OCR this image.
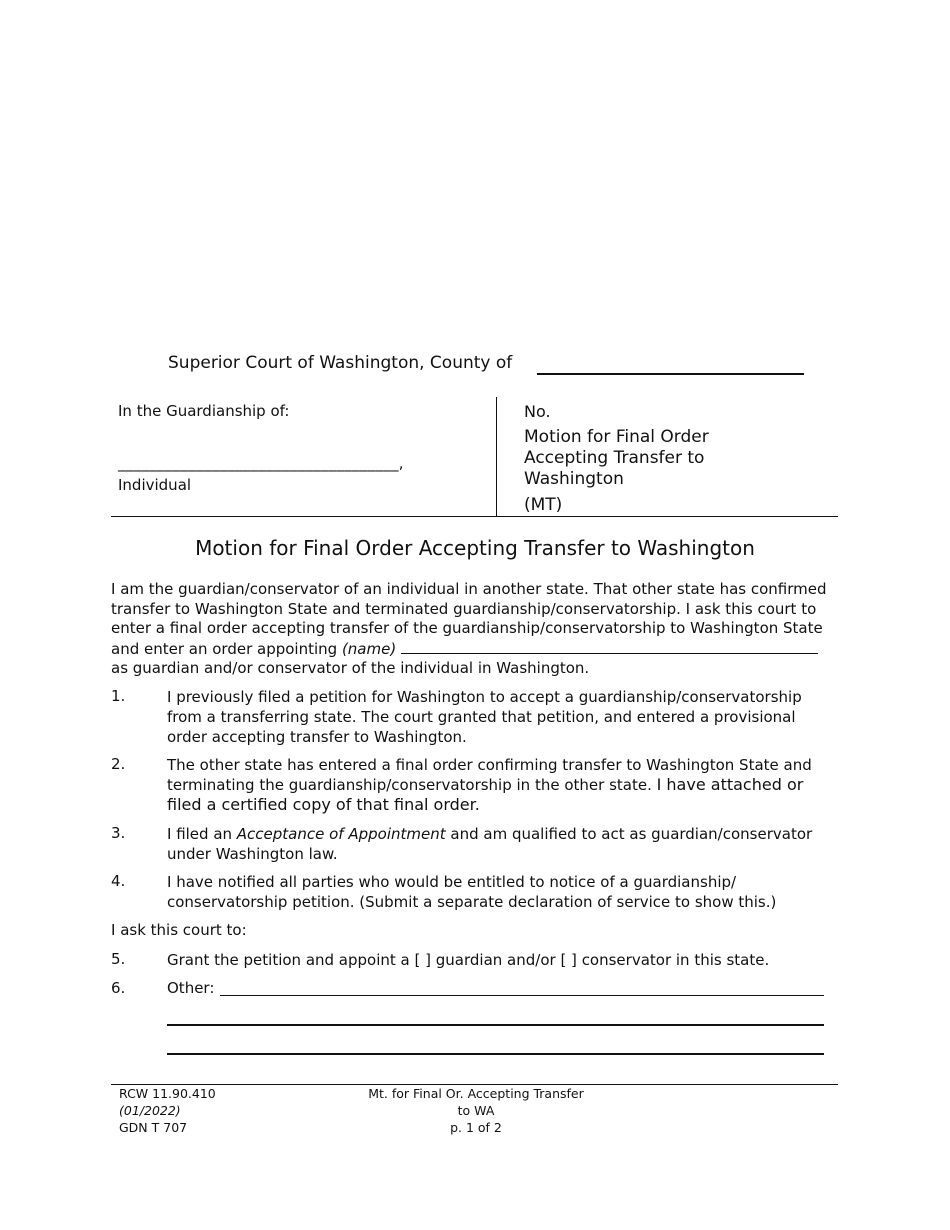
Superior Court of Washington, County of
In the Guardianship of:
____________________________________,
Individual
No.
Motion for Final Order Accepting Transfer to Washington
(MT)
Motion for Final Order Accepting Transfer to Washington
I am the guardian/conservator of an individual in another state. That other state has confirmed
transfer to Washington State and terminated guardianship/conservatorship. I ask this court to
enter a final order accepting transfer of the guardianship/conservatorship to Washington State
and enter an order appointing (name)
as guardian and/or conservator of the individual in Washington.
1.	I previously filed a petition for Washington to accept a guardianship/conservatorship from a transferring state. The court granted that petition, and entered a provisional order accepting transfer to Washington.
2.	The other state has entered a final order confirming transfer to Washington State and terminating the guardianship/conservatorship in the other state. I have attached or filed a certified copy of that final order.
3.	I filed an Acceptance of Appointment and am qualified to act as guardian/conservator under Washington law.
4.	I have notified all parties who would be entitled to notice of a guardianship/ conservatorship petition. (Submit a separate declaration of service to show this.)
I ask this court to:
5.	Grant the petition and appoint a [ ] guardian and/or [ ] conservator in this state.
6.	Other:
RCW 11.90.410
(01/2022)
GDN T 707
Mt. for Final Or. Accepting Transfer
to WA
p. 1 of 2
